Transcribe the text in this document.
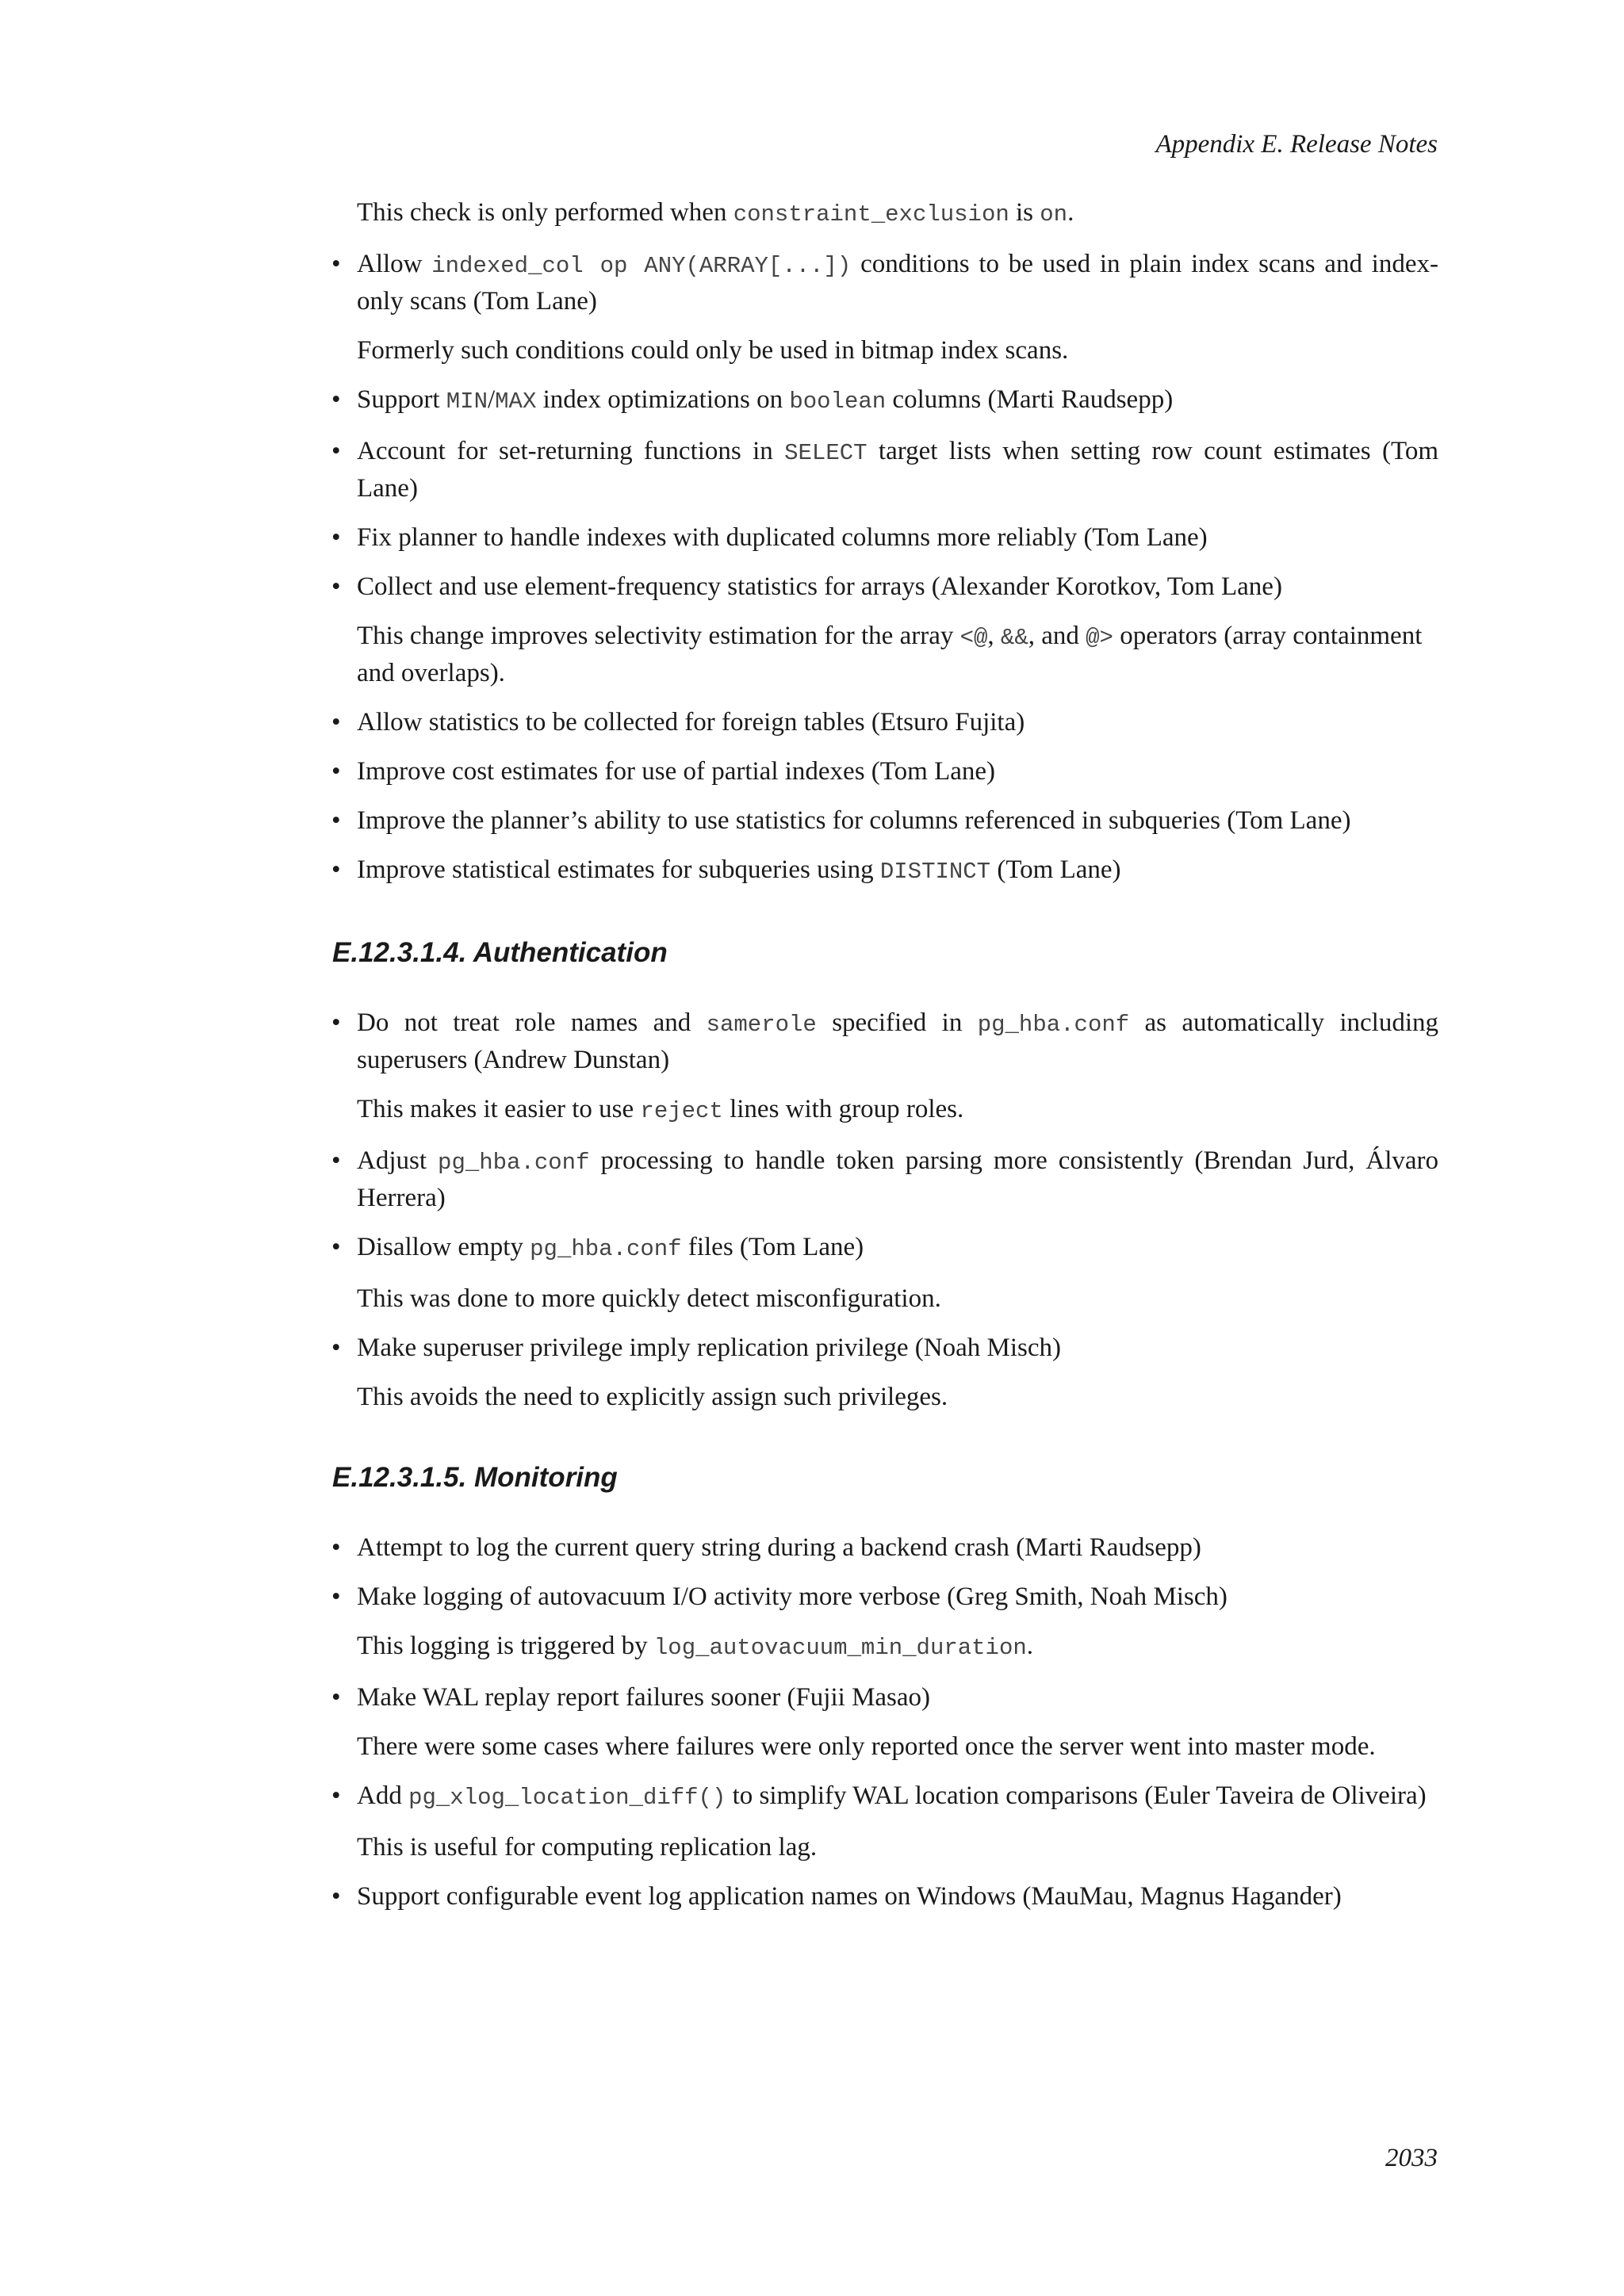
Appendix E. Release Notes

This check is only performed when constraint_exclusion is on.

• Allow indexed_col op ANY(ARRAY[...]) conditions to be used in plain index scans and index-only scans (Tom Lane)

Formerly such conditions could only be used in bitmap index scans.

• Support MIN/MAX index optimizations on boolean columns (Marti Raudsepp)
• Account for set-returning functions in SELECT target lists when setting row count estimates (Tom Lane)
• Fix planner to handle indexes with duplicated columns more reliably (Tom Lane)
• Collect and use element-frequency statistics for arrays (Alexander Korotkov, Tom Lane)

This change improves selectivity estimation for the array <@, &&, and @> operators (array containment and overlaps).

• Allow statistics to be collected for foreign tables (Etsuro Fujita)
• Improve cost estimates for use of partial indexes (Tom Lane)
• Improve the planner’s ability to use statistics for columns referenced in subqueries (Tom Lane)
• Improve statistical estimates for subqueries using DISTINCT (Tom Lane)
E.12.3.1.4. Authentication
• Do not treat role names and samerole specified in pg_hba.conf as automatically including superusers (Andrew Dunstan)

This makes it easier to use reject lines with group roles.

• Adjust pg_hba.conf processing to handle token parsing more consistently (Brendan Jurd, Álvaro Herrera)
• Disallow empty pg_hba.conf files (Tom Lane)

This was done to more quickly detect misconfiguration.

• Make superuser privilege imply replication privilege (Noah Misch)

This avoids the need to explicitly assign such privileges.

E.12.3.1.5. Monitoring
• Attempt to log the current query string during a backend crash (Marti Raudsepp)
• Make logging of autovacuum I/O activity more verbose (Greg Smith, Noah Misch)

This logging is triggered by log_autovacuum_min_duration.

• Make WAL replay report failures sooner (Fujii Masao)

There were some cases where failures were only reported once the server went into master mode.

• Add pg_xlog_location_diff() to simplify WAL location comparisons (Euler Taveira de Oliveira)

This is useful for computing replication lag.

• Support configurable event log application names on Windows (MauMau, Magnus Hagander)
2033
